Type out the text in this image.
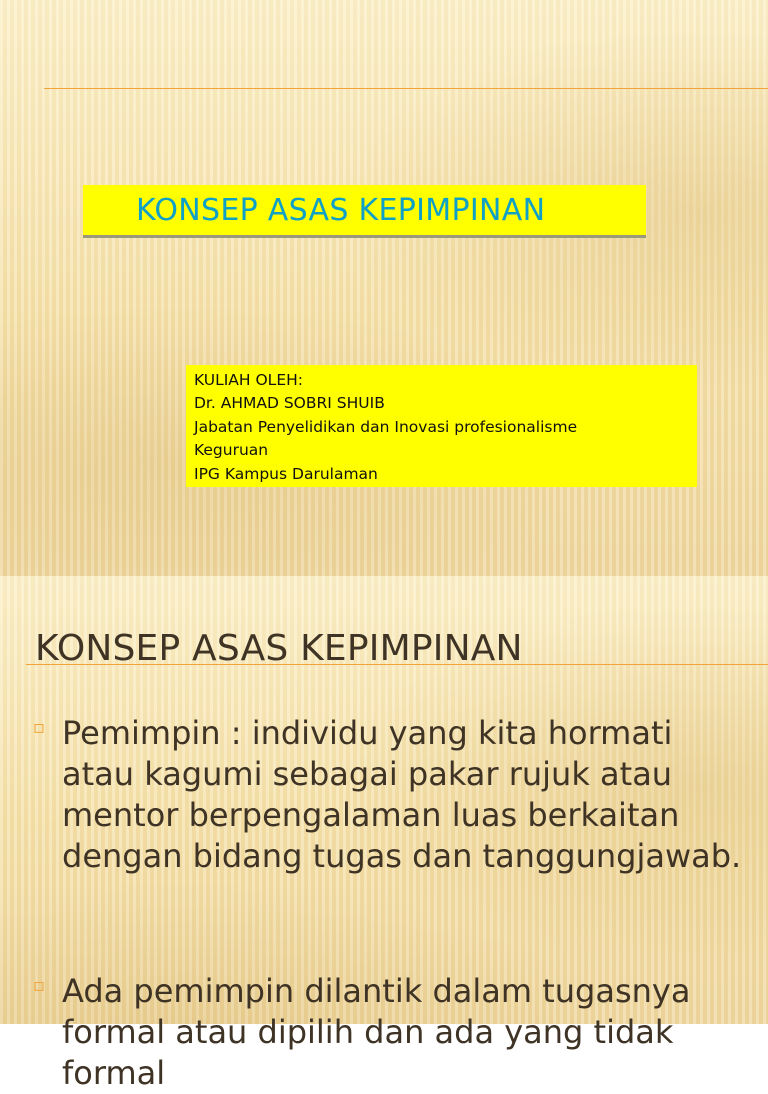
KONSEP ASAS KEPIMPINAN
KULIAH OLEH:
Dr. AHMAD SOBRI SHUIB
Jabatan Penyelidikan dan Inovasi profesionalisme
Keguruan
IPG Kampus Darulaman
KONSEP ASAS KEPIMPINAN
▫ Pemimpin : individu yang kita hormati atau kagumi sebagai pakar rujuk atau mentor berpengalaman luas berkaitan dengan bidang tugas dan tanggungjawab.
▫ Ada pemimpin dilantik dalam tugasnya formal atau dipilih dan ada yang tidak formal
